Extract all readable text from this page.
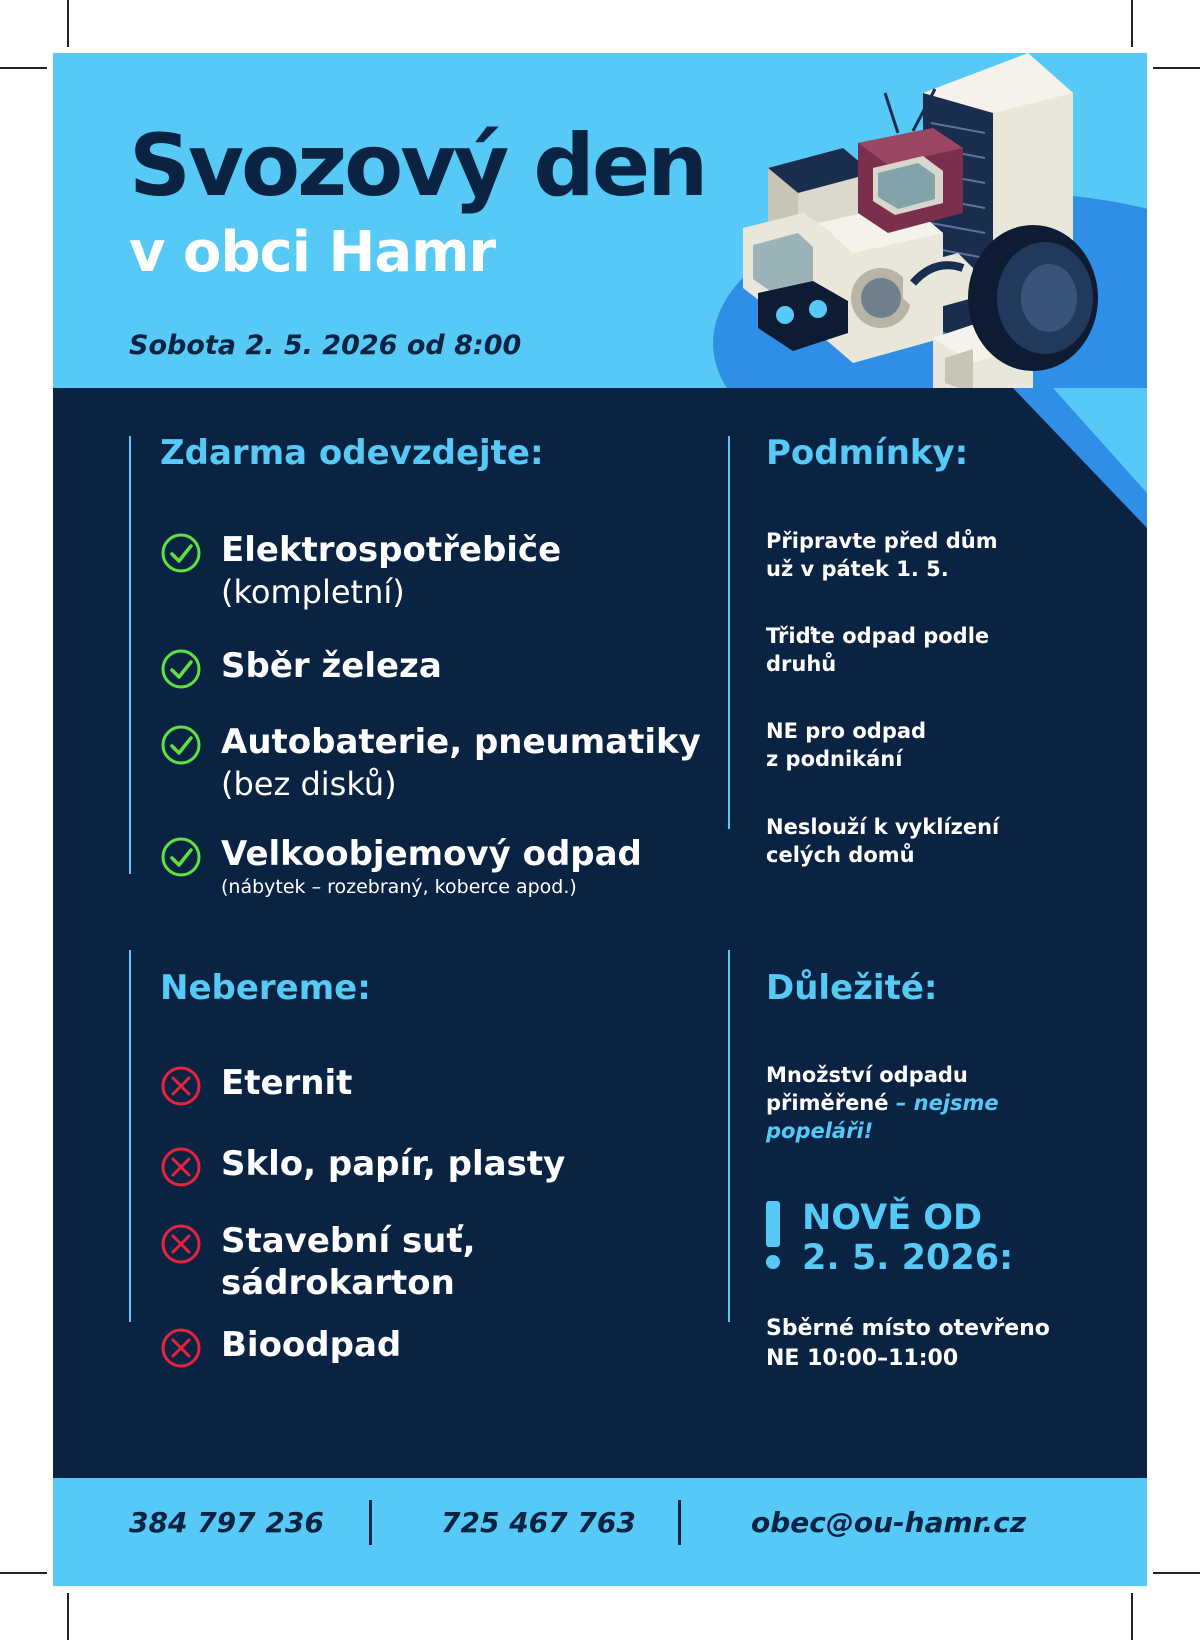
Svozový den
v obci Hamr
Sobota 2. 5. 2026 od 8:00
Zdarma odevzdejte:
Elektrospotřebiče
(kompletní)
Sběr železa
Autobaterie, pneumatiky
(bez disků)
Velkoobjemový odpad
(nábytek – rozebraný, koberce apod.)
Podmínky:
Připravte před dům
už v pátek 1. 5.
Třiďte odpad podle
druhů
NE pro odpad
z podnikání
Neslouží k vyklízení
celých domů
Nebereme:
Eternit
Sklo, papír, plasty
Stavební suť,
sádrokarton
Bioodpad
Důležité:
Množství odpadu
přiměřené – nejsme
popeláři!
NOVĚ OD
2. 5. 2026:
Sběrné místo otevřeno
NE 10:00–11:00
384 797 236	725 467 763	obec@ou-hamr.cz
